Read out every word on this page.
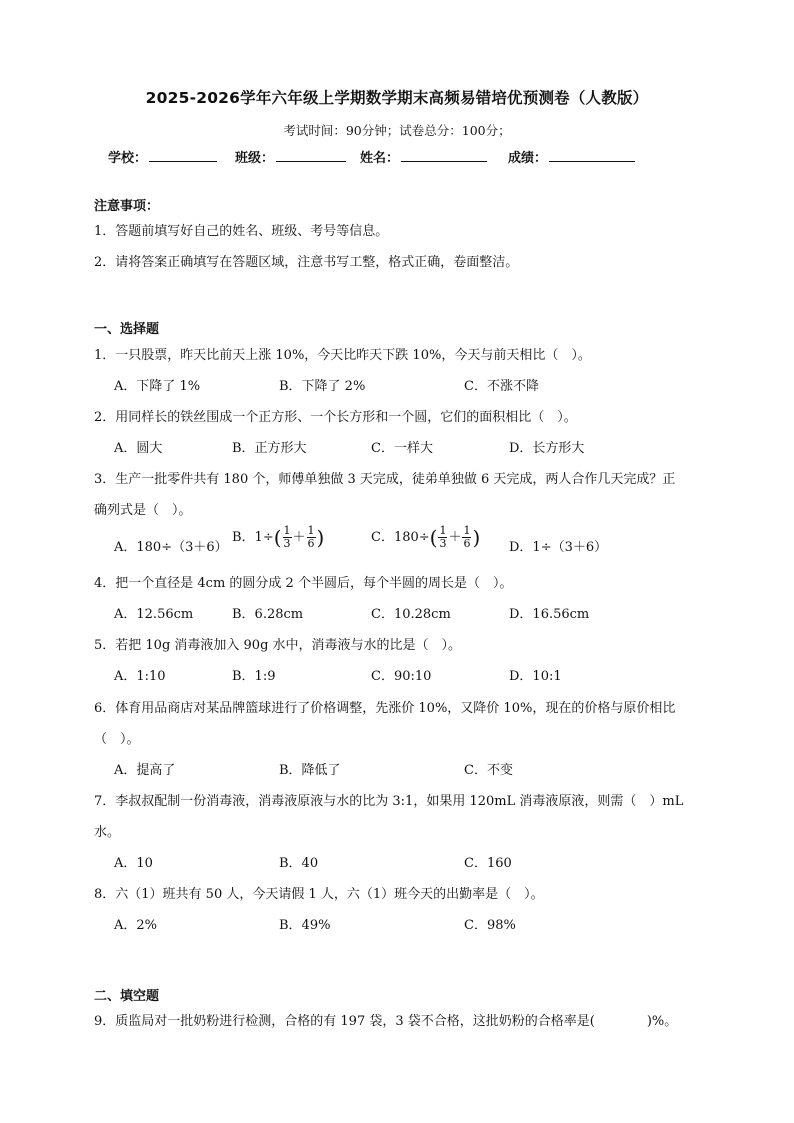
2025-2026学年六年级上学期数学期末高频易错培优预测卷（人教版）
考试时间：90分钟；试卷总分：100分；
学校：	班级：	姓名：	成绩：
注意事项：
1．答题前填写好自己的姓名、班级、考号等信息。
2．请将答案正确填写在答题区域，注意书写工整，格式正确，卷面整洁。
一、选择题
1．一只股票，昨天比前天上涨 10%，今天比昨天下跌 10%，今天与前天相比（　）。
A．下降了 1%	B．下降了 2%	C．不涨不降
2．用同样长的铁丝围成一个正方形、一个长方形和一个圆，它们的面积相比（　）。
A．圆大	B．正方形大	C．一样大	D．长方形大
3．生产一批零件共有 180 个，师傅单独做 3 天完成，徒弟单独做 6 天完成，两人合作几天完成？正
确列式是（　）。
A．180÷（3＋6）
B．$1\div( \frac{1}{3} + \frac{1}{6}$ )	C．$180\div( \frac{1}{3} + \frac{1}{6}$ ) D．1÷（3＋6）
4．把一个直径是 4cm 的圆分成 2 个半圆后，每个半圆的周长是（　）。
A．12.56cm	B．6.28cm	C．10.28cm	D．16.56cm
5．若把 10g 消毒液加入 90g 水中，消毒液与水的比是（　）。
A．1:10	B．1:9	C．90:10	D．10:1
6．体育用品商店对某品牌篮球进行了价格调整，先涨价 10%，又降价 10%，现在的价格与原价相比
（　）。
A．提高了	B．降低了	C．不变
7．李叔叔配制一份消毒液，消毒液原液与水的比为 3:1，如果用 120mL 消毒液原液，则需（　）mL
水。
A．10	B．40	C．160
8．六（1）班共有 50 人，今天请假 1 人，六（1）班今天的出勤率是（　）。
A．2%	B．49%	C．98%
二、填空题
9．质监局对一批奶粉进行检测，合格的有 197 袋，3 袋不合格，这批奶粉的合格率是(　　　　)%。
